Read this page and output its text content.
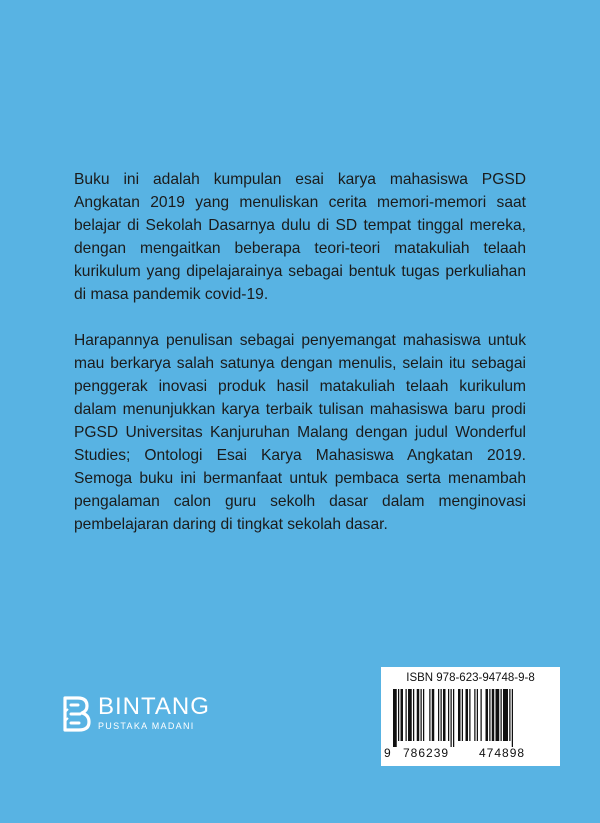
Buku ini adalah kumpulan esai karya mahasiswa PGSD Angkatan 2019 yang menuliskan cerita memori-memori saat belajar di Sekolah Dasarnya dulu di SD tempat tinggal mereka, dengan mengaitkan beberapa teori-teori matakuliah telaah kurikulum yang dipelajarainya sebagai bentuk tugas perkuliahan di masa pandemik covid-19.

Harapannya penulisan sebagai penyemangat mahasiswa untuk mau berkarya salah satunya dengan menulis, selain itu sebagai penggerak inovasi produk hasil matakuliah telaah kurikulum dalam menunjukkan karya terbaik tulisan mahasiswa baru prodi PGSD Universitas Kanjuruhan Malang dengan judul Wonderful Studies; Ontologi Esai Karya Mahasiswa Angkatan 2019. Semoga buku ini bermanfaat untuk pembaca serta menambah pengalaman calon guru sekolh dasar dalam menginovasi pembelajaran daring di tingkat sekolah dasar.

BINTANG
PUSTAKA MADANI
ISBN 978-623-94748-9-8
9 786239 474898
